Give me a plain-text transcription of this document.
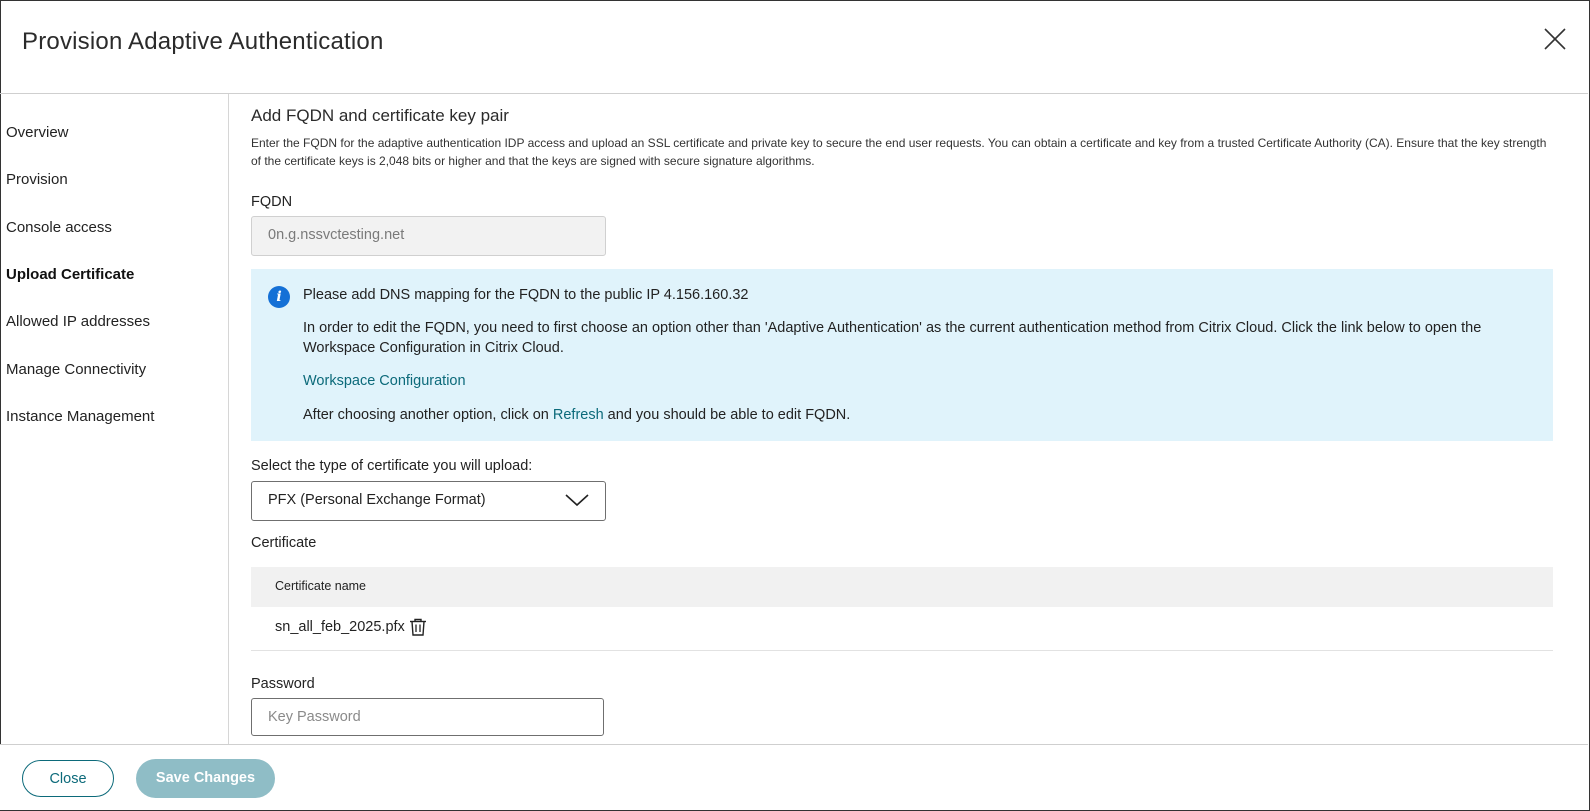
Provision Adaptive Authentication
Overview
Provision
Console access
Upload Certificate
Allowed IP addresses
Manage Connectivity
Instance Management
Add FQDN and certificate key pair
Enter the FQDN for the adaptive authentication IDP access and upload an SSL certificate and private key to secure the end user requests. You can obtain a certificate and key from a trusted Certificate Authority (CA). Ensure that the key strength of the certificate keys is 2,048 bits or higher and that the keys are signed with secure signature algorithms.
FQDN
0n.g.nssvctesting.net
i	Please add DNS mapping for the FQDN to the public IP 4.156.160.32
In order to edit the FQDN, you need to first choose an option other than 'Adaptive Authentication' as the current authentication method from Citrix Cloud. Click the link below to open the Workspace Configuration in Citrix Cloud.
Workspace Configuration
After choosing another option, click on Refresh and you should be able to edit FQDN.
Select the type of certificate you will upload:
PFX (Personal Exchange Format)
Certificate
Certificate name
sn_all_feb_2025.pfx
Password
Close	Save Changes
